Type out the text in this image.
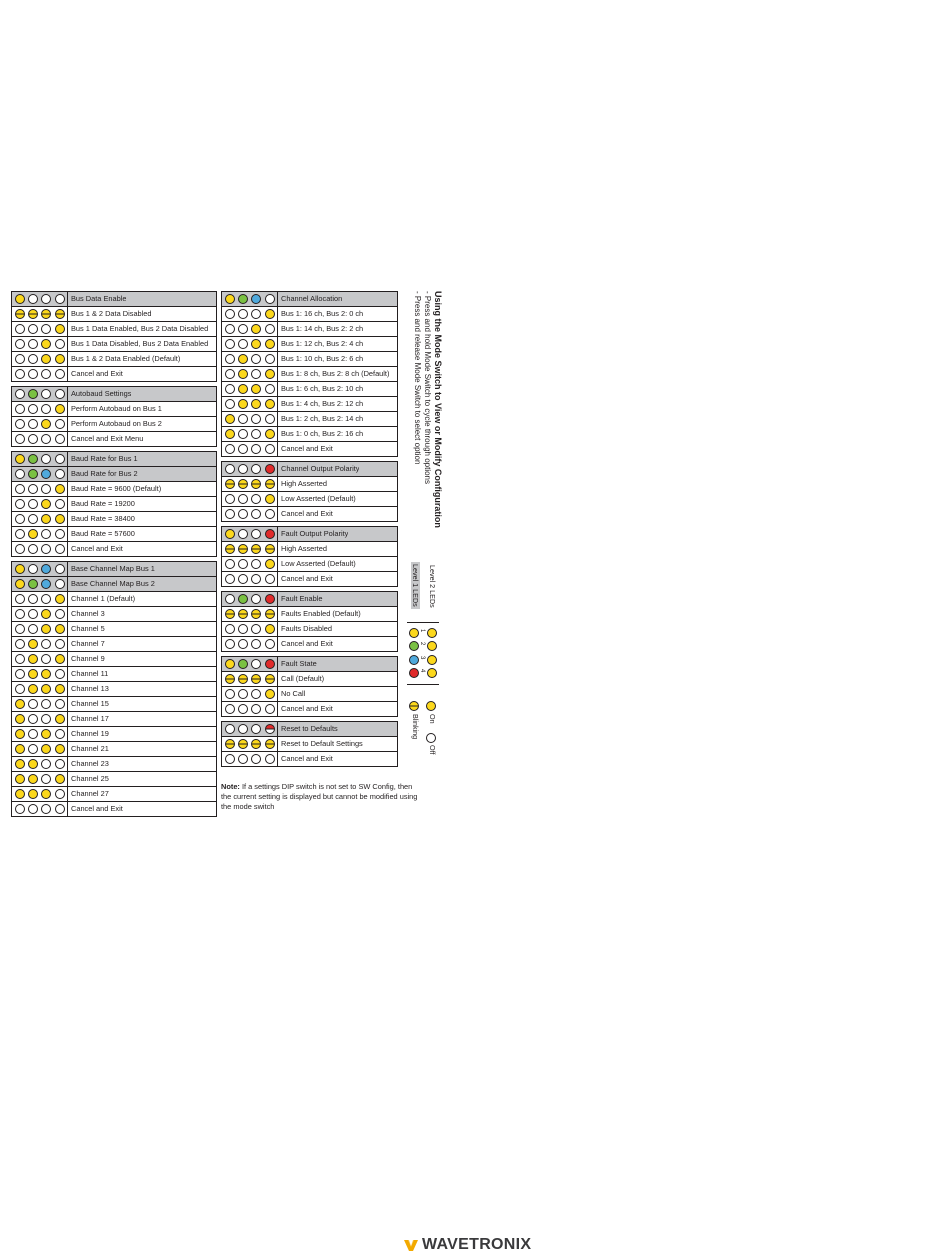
Bus Data Enable
Bus 1 & 2 Data Disabled
Bus 1 Data Enabled, Bus 2 Data Disabled
Bus 1 Data Disabled, Bus 2 Data Enabled
Bus 1 & 2 Data Enabled (Default)
Cancel and Exit
Autobaud Settings
Perform Autobaud on Bus 1
Perform Autobaud on Bus 2
Cancel and Exit Menu
Baud Rate for Bus 1
Baud Rate for Bus 2
Baud Rate = 9600 (Default)
Baud Rate = 19200
Baud Rate = 38400
Baud Rate = 57600
Cancel and Exit
Base Channel Map Bus 1
Base Channel Map Bus 2
Channel 1 (Default)
Channel 3
Channel 5
Channel 7
Channel 9
Channel 11
Channel 13
Channel 15
Channel 17
Channel 19
Channel 21
Channel 23
Channel 25
Channel 27
Cancel and Exit
Channel Allocation
Bus 1: 16 ch, Bus 2: 0 ch
Bus 1: 14 ch, Bus 2: 2 ch
Bus 1: 12 ch, Bus 2: 4 ch
Bus 1: 10 ch, Bus 2: 6 ch
Bus 1: 8 ch, Bus 2: 8 ch (Default)
Bus 1: 6 ch, Bus 2: 10 ch
Bus 1: 4 ch, Bus 2: 12 ch
Bus 1: 2 ch, Bus 2: 14 ch
Bus 1: 0 ch, Bus 2: 16 ch
Cancel and Exit
Channel Output Polarity
High Asserted
Low Asserted (Default)
Cancel and Exit
Fault Output Polarity
High Asserted
Low Asserted (Default)
Cancel and Exit
Fault Enable
Faults Enabled (Default)
Faults Disabled
Cancel and Exit
Fault State
Call (Default)
No Call
Cancel and Exit
Reset to Defaults
Reset to Default Settings
Cancel and Exit
Note: If a settings DIP switch is not set to SW Config, then the current setting is displayed but cannot be modified using the mode switch
Using the Mode Switch to View or Modify Configuration
- Press and hold Mode Switch to cycle through options
- Press and release Mode Switch to select option
Level 2 LEDs
Level 1 LEDs
1
2
3
4
On
Off
Blinking
WAVETRONIX
